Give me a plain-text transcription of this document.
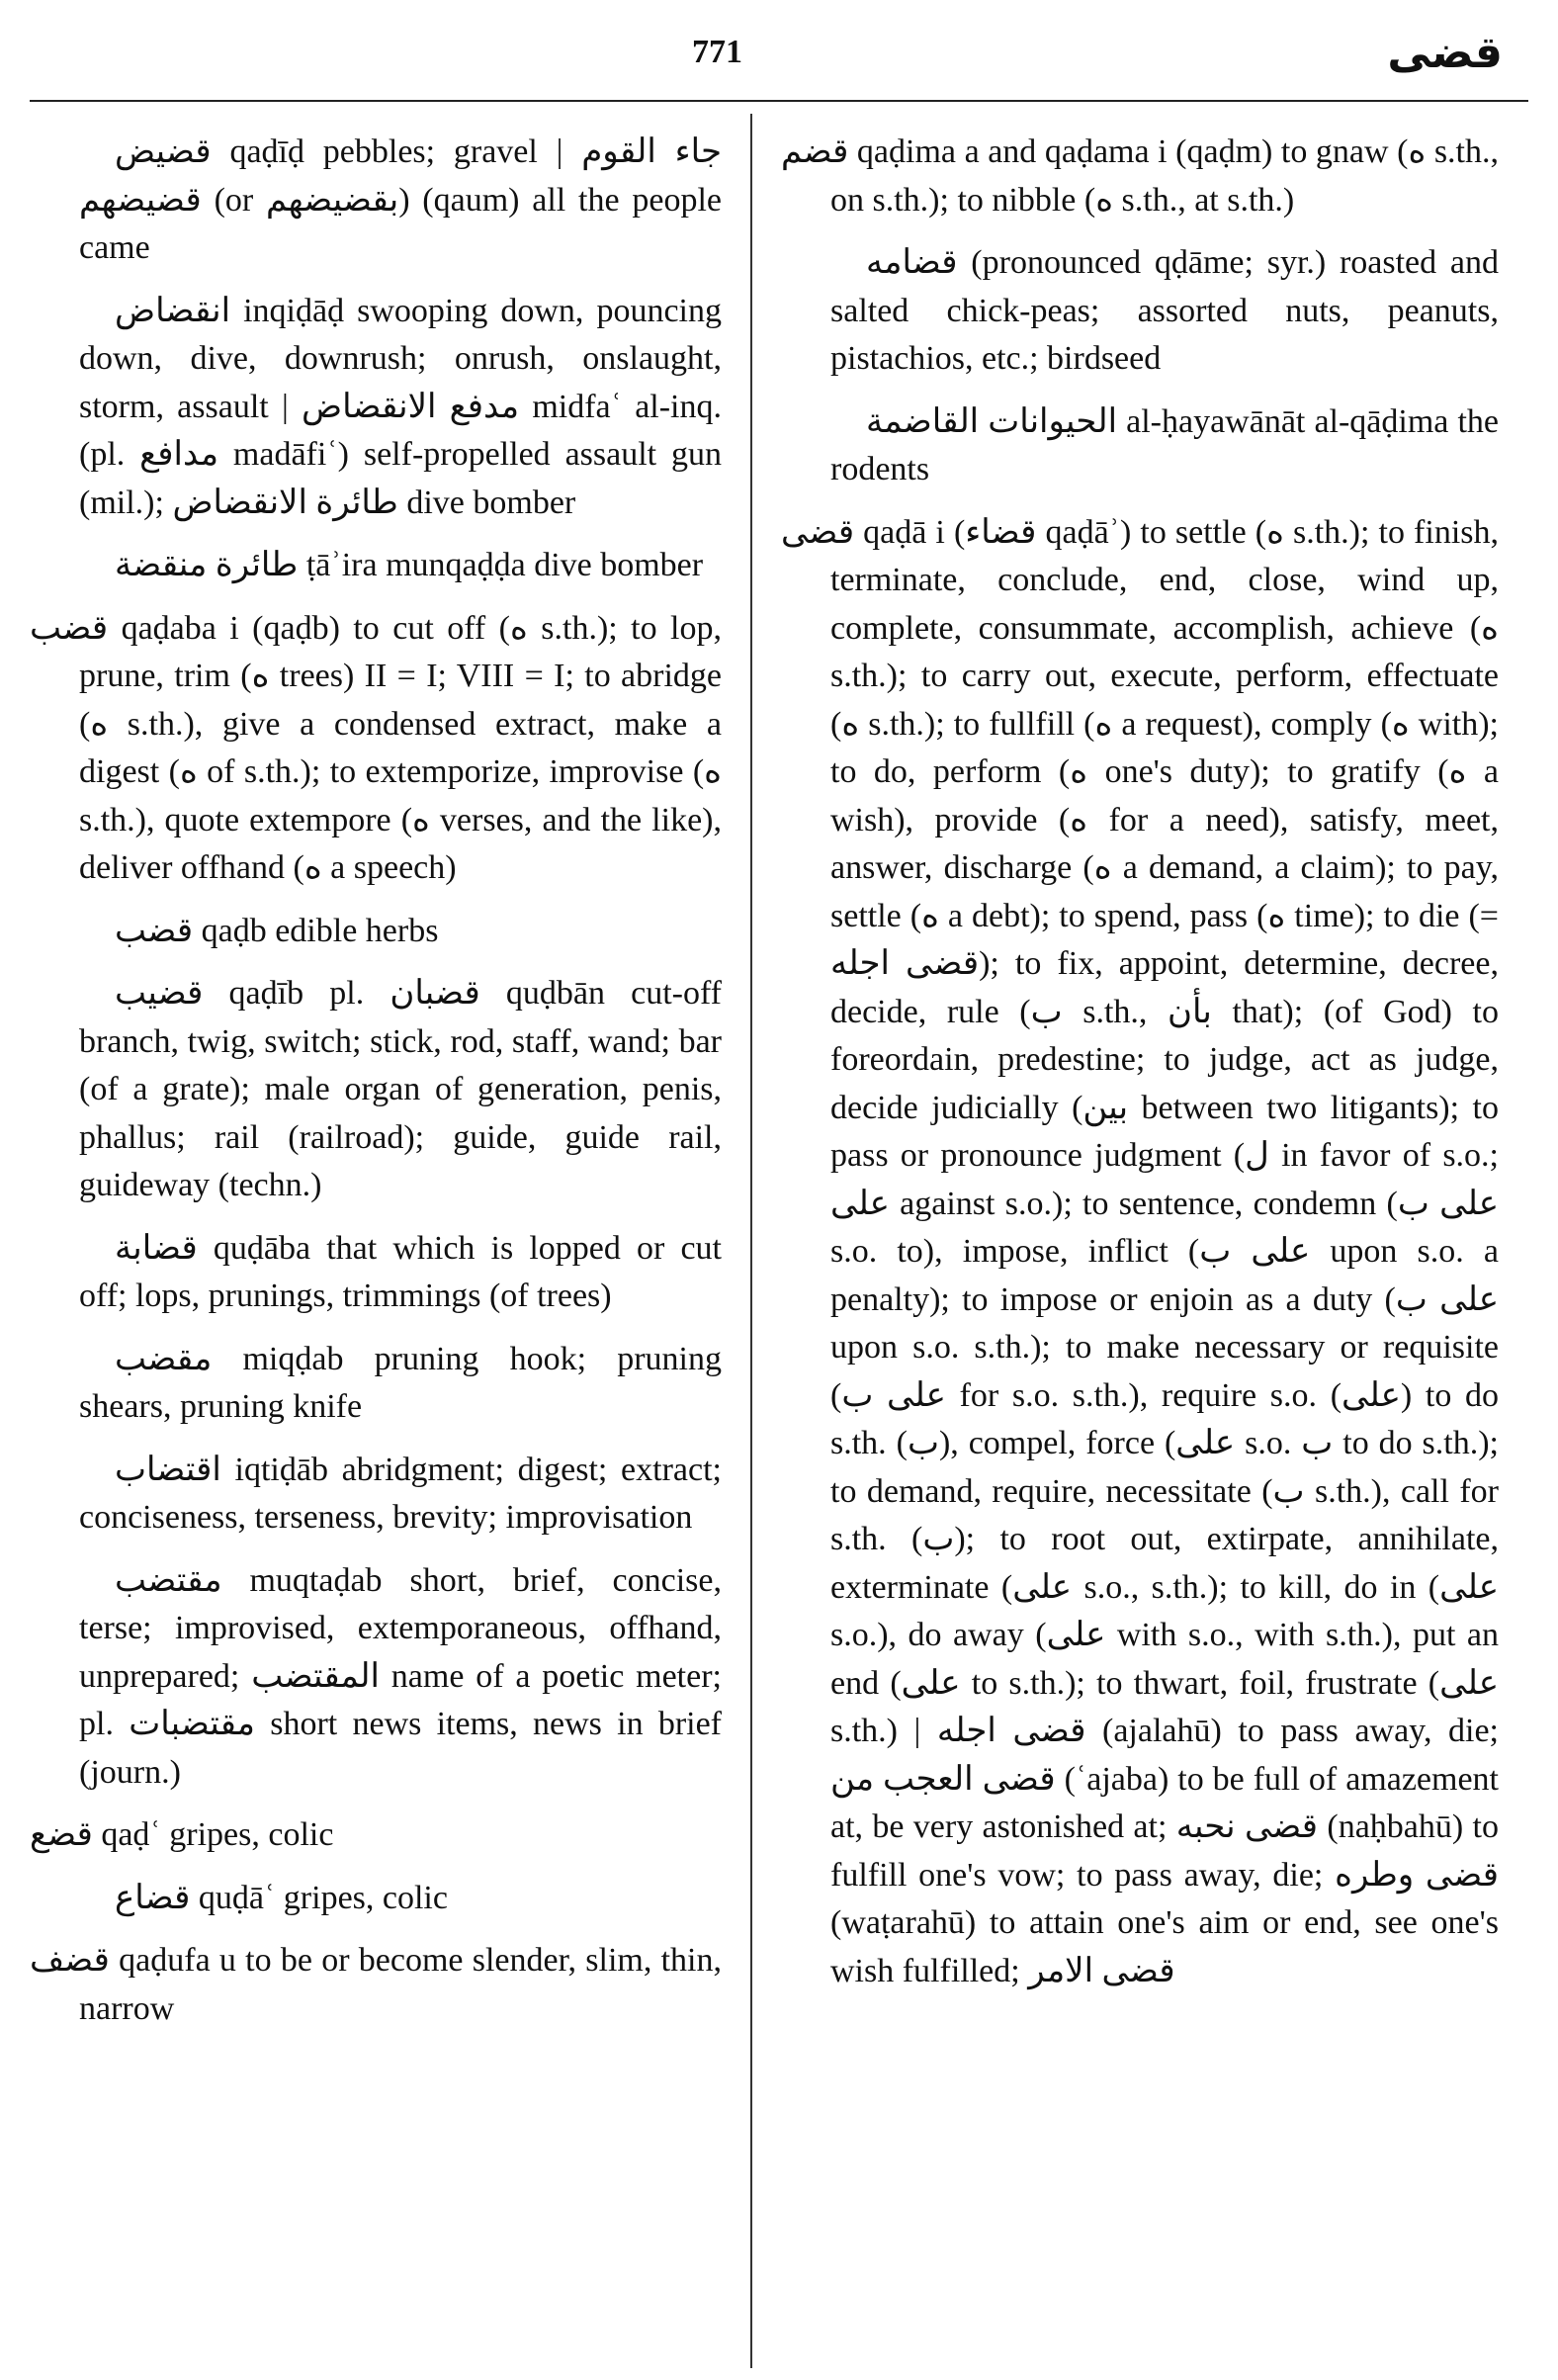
771	قضى

قضيض qaḍīḍ pebbles; gravel | جاء القوم قضيضهم (or بقضيضهم) (qaum) all the people came

انقضاض inqiḍāḍ swooping down, pouncing down, dive, downrush; onrush, onslaught, storm, assault | مدفع الانقضاض midfaʿ al-inq. (pl. مدافع madāfiʿ) self-propelled assault gun (mil.); طائرة الانقضاض dive bomber

طائرة منقضة ṭāʾira munqaḍḍa dive bomber

قضب qaḍaba i (qaḍb) to cut off (ه s.th.); to lop, prune, trim (ه trees) II = I; VIII = I; to abridge (ه s.th.), give a condensed extract, make a digest (ه of s.th.); to extemporize, improvise (ه s.th.), quote extempore (ه verses, and the like), deliver offhand (ه a speech)

قضب qaḍb edible herbs

قضيب qaḍīb pl. قضبان quḍbān cut-off branch, twig, switch; stick, rod, staff, wand; bar (of a grate); male organ of generation, penis, phallus; rail (railroad); guide, guide rail, guideway (techn.)

قضابة quḍāba that which is lopped or cut off; lops, prunings, trimmings (of trees)

مقضب miqḍab pruning hook; pruning shears, pruning knife

اقتضاب iqtiḍāb abridgment; digest; extract; conciseness, terseness, brevity; improvisation

مقتضب muqtaḍab short, brief, concise, terse; improvised, extemporaneous, offhand, unprepared; المقتضب name of a poetic meter; pl. مقتضبات short news items, news in brief (journ.)

قضع qaḍʿ gripes, colic

قضاع quḍāʿ gripes, colic

قضف qaḍufa u to be or become slender, slim, thin, narrow

قضم qaḍima a and qaḍama i (qaḍm) to gnaw (ه s.th., on s.th.); to nibble (ه s.th., at s.th.)

قضامه (pronounced qḍāme; syr.) roasted and salted chick-peas; assorted nuts, peanuts, pistachios, etc.; birdseed

الحيوانات القاضمة al-ḥayawānāt al-qāḍima the rodents

قضى qaḍā i (قضاء qaḍāʾ) to settle (ه s.th.); to finish, terminate, conclude, end, close, wind up, complete, consummate, accomplish, achieve (ه s.th.); to carry out, execute, perform, effectuate (ه s.th.); to fullfill (ه a request), comply (ه with); to do, perform (ه one's duty); to gratify (ه a wish), provide (ه for a need), satisfy, meet, answer, discharge (ه a demand, a claim); to pay, settle (ه a debt); to spend, pass (ه time); to die (= قضى اجله); to fix, appoint, determine, decree, decide, rule (ب s.th., بأن that); (of God) to foreordain, predestine; to judge, act as judge, decide judicially (بين between two litigants); to pass or pronounce judgment (ل in favor of s.o.; على against s.o.); to sentence, condemn (على ب s.o. to), impose, inflict (على ب upon s.o. a penalty); to impose or enjoin as a duty (على ب upon s.o. s.th.); to make necessary or requisite (على ب for s.o. s.th.), require s.o. (على) to do s.th. (ب), compel, force (على s.o. ب to do s.th.); to demand, require, necessitate (ب s.th.), call for s.th. (ب); to root out, extirpate, annihilate, exterminate (على s.o., s.th.); to kill, do in (على s.o.), do away (على with s.o., with s.th.), put an end (على to s.th.); to thwart, foil, frustrate (على s.th.) | قضى اجله (ajalahū) to pass away, die; قضى العجب من (ʿajaba) to be full of amazement at, be very astonished at; قضى نحبه (naḥbahū) to fulfill one's vow; to pass away, die; قضى وطره (waṭarahū) to attain one's aim or end, see one's wish fulfilled; قضى الامر
